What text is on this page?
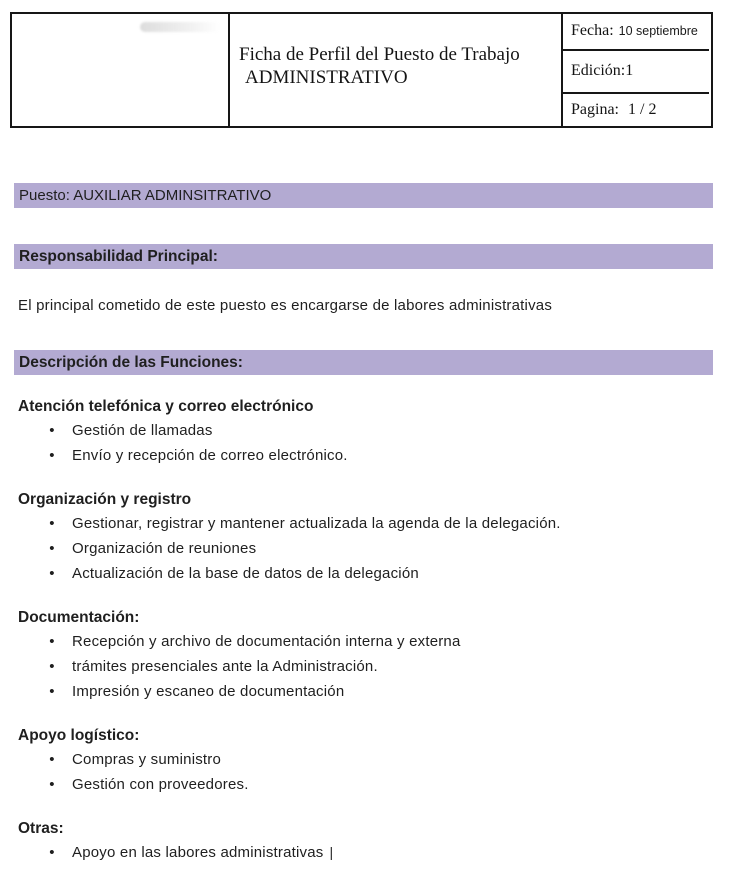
Ficha de Perfil del Puesto de Trabajo
ADMINISTRATIVO
Fecha: 10 septiembre
Edición:1
Pagina: 1 / 2
Puesto: AUXILIAR ADMINSITRATIVO
Responsabilidad Principal:
El principal cometido de este puesto es encargarse de labores administrativas
Descripción de las Funciones:
Atención telefónica y correo electrónico
•	Gestión de llamadas
•	Envío y recepción de correo electrónico.
Organización y registro
•	Gestionar, registrar y mantener actualizada la agenda de la delegación.
•	Organización de reuniones
•	Actualización de la base de datos de la delegación
Documentación:
•	Recepción y archivo de documentación interna y externa
•	trámites presenciales ante la Administración.
•	Impresión y escaneo de documentación
Apoyo logístico:
•	Compras y suministro
•	Gestión con proveedores.
Otras:
•	Apoyo en las labores administrativas |
